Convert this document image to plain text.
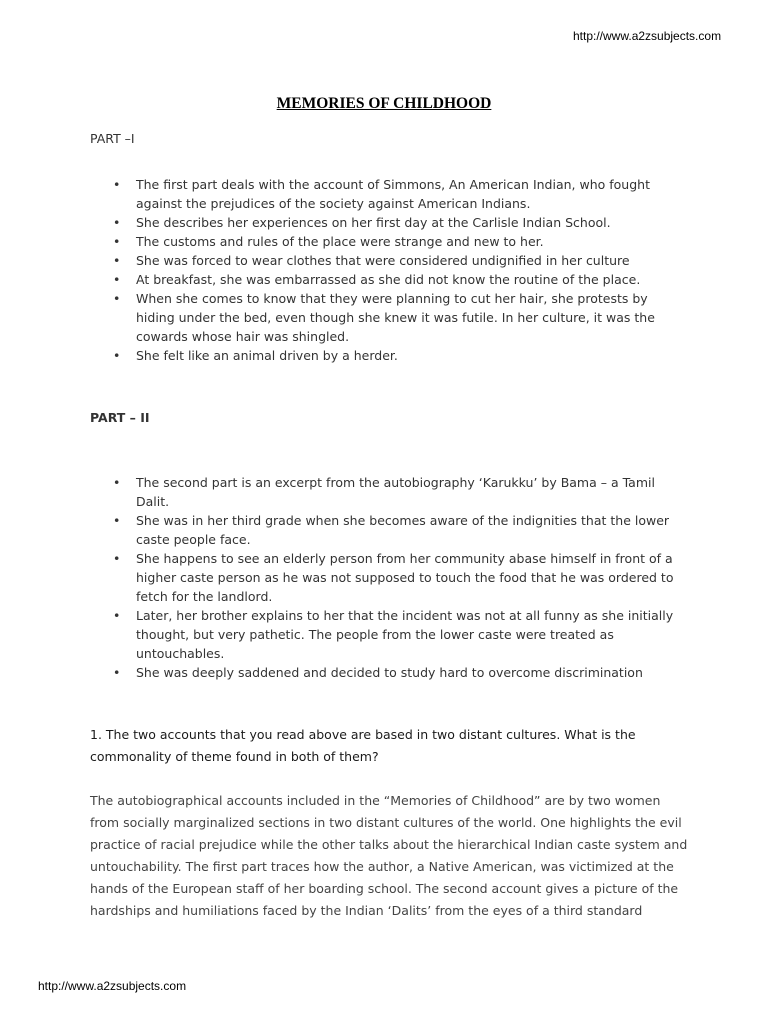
http://www.a2zsubjects.com
MEMORIES OF CHILDHOOD
PART –I
• The first part deals with the account of Simmons, An American Indian, who fought against the prejudices of the society against American Indians.
• She describes her experiences on her first day at the Carlisle Indian School.
• The customs and rules of the place were strange and new to her.
• She was forced to wear clothes that were considered undignified in her culture
• At breakfast, she was embarrassed as she did not know the routine of the place.
• When she comes to know that they were planning to cut her hair, she protests by hiding under the bed, even though she knew it was futile. In her culture, it was the cowards whose hair was shingled.
• She felt like an animal driven by a herder.
PART – II
• The second part is an excerpt from the autobiography ‘Karukku’ by Bama – a Tamil Dalit.
• She was in her third grade when she becomes aware of the indignities that the lower caste people face.
• She happens to see an elderly person from her community abase himself in front of a higher caste person as he was not supposed to touch the food that he was ordered to fetch for the landlord.
• Later, her brother explains to her that the incident was not at all funny as she initially thought, but very pathetic. The people from the lower caste were treated as untouchables.
• She was deeply saddened and decided to study hard to overcome discrimination
1. The two accounts that you read above are based in two distant cultures. What is the commonality of theme found in both of them?
The autobiographical accounts included in the “Memories of Childhood” are by two women from socially marginalized sections in two distant cultures of the world. One highlights the evil practice of racial prejudice while the other talks about the hierarchical Indian caste system and untouchability. The first part traces how the author, a Native American, was victimized at the hands of the European staff of her boarding school. The second account gives a picture of the hardships and humiliations faced by the Indian ‘Dalits’ from the eyes of a third standard
http://www.a2zsubjects.com
